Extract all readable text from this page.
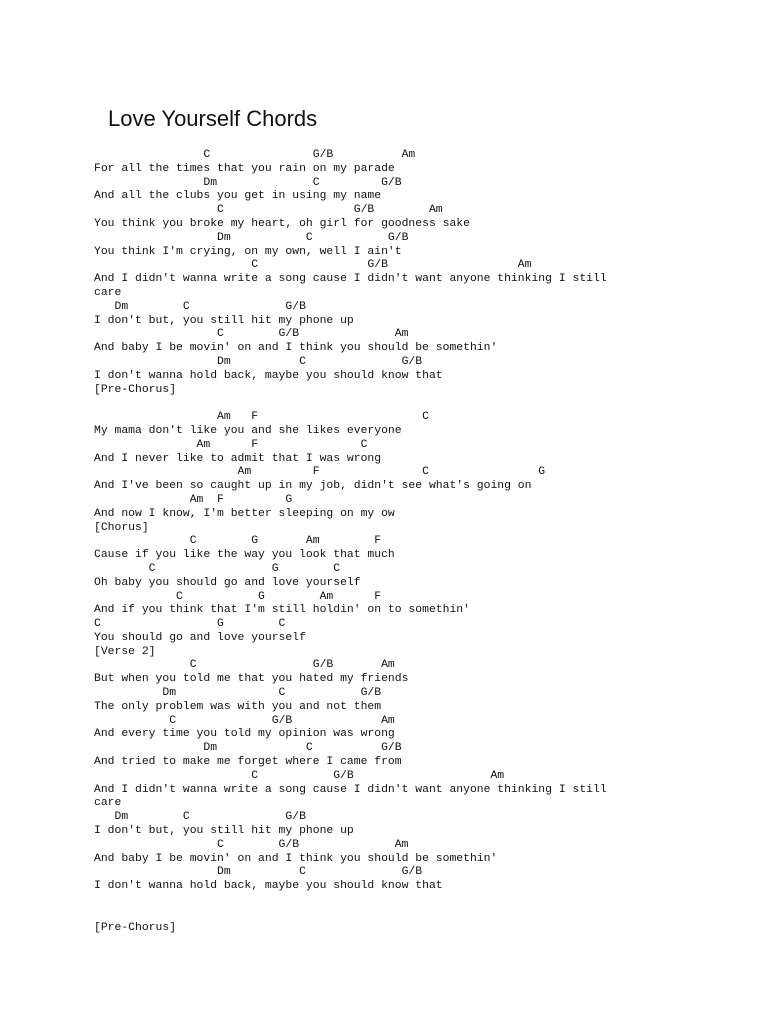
Love Yourself Chords
C               G/B          Am
For all the times that you rain on my parade
Dm              C         G/B
And all the clubs you get in using my name
C                   G/B        Am
You think you broke my heart, oh girl for goodness sake
Dm           C           G/B
You think I'm crying, on my own, well I ain't
C                G/B                   Am
And I didn't wanna write a song cause I didn't want anyone thinking I still
care
Dm        C              G/B
I don't but, you still hit my phone up
C        G/B              Am
And baby I be movin' on and I think you should be somethin'
Dm          C              G/B
I don't wanna hold back, maybe you should know that
[Pre-Chorus]

Am   F                        C
My mama don't like you and she likes everyone
Am      F               C
And I never like to admit that I was wrong
Am         F               C                G
And I've been so caught up in my job, didn't see what's going on
Am  F         G
And now I know, I'm better sleeping on my ow
[Chorus]
C        G       Am        F
Cause if you like the way you look that much
C                 G        C
Oh baby you should go and love yourself
C           G        Am      F
And if you think that I'm still holdin' on to somethin'
C                 G        C
You should go and love yourself
[Verse 2]
C                 G/B       Am
But when you told me that you hated my friends
Dm               C           G/B
The only problem was with you and not them
C              G/B             Am
And every time you told my opinion was wrong
Dm             C          G/B
And tried to make me forget where I came from
C           G/B                    Am
And I didn't wanna write a song cause I didn't want anyone thinking I still
care
Dm        C              G/B
I don't but, you still hit my phone up
C        G/B              Am
And baby I be movin' on and I think you should be somethin'
Dm          C              G/B
I don't wanna hold back, maybe you should know that

[Pre-Chorus]
